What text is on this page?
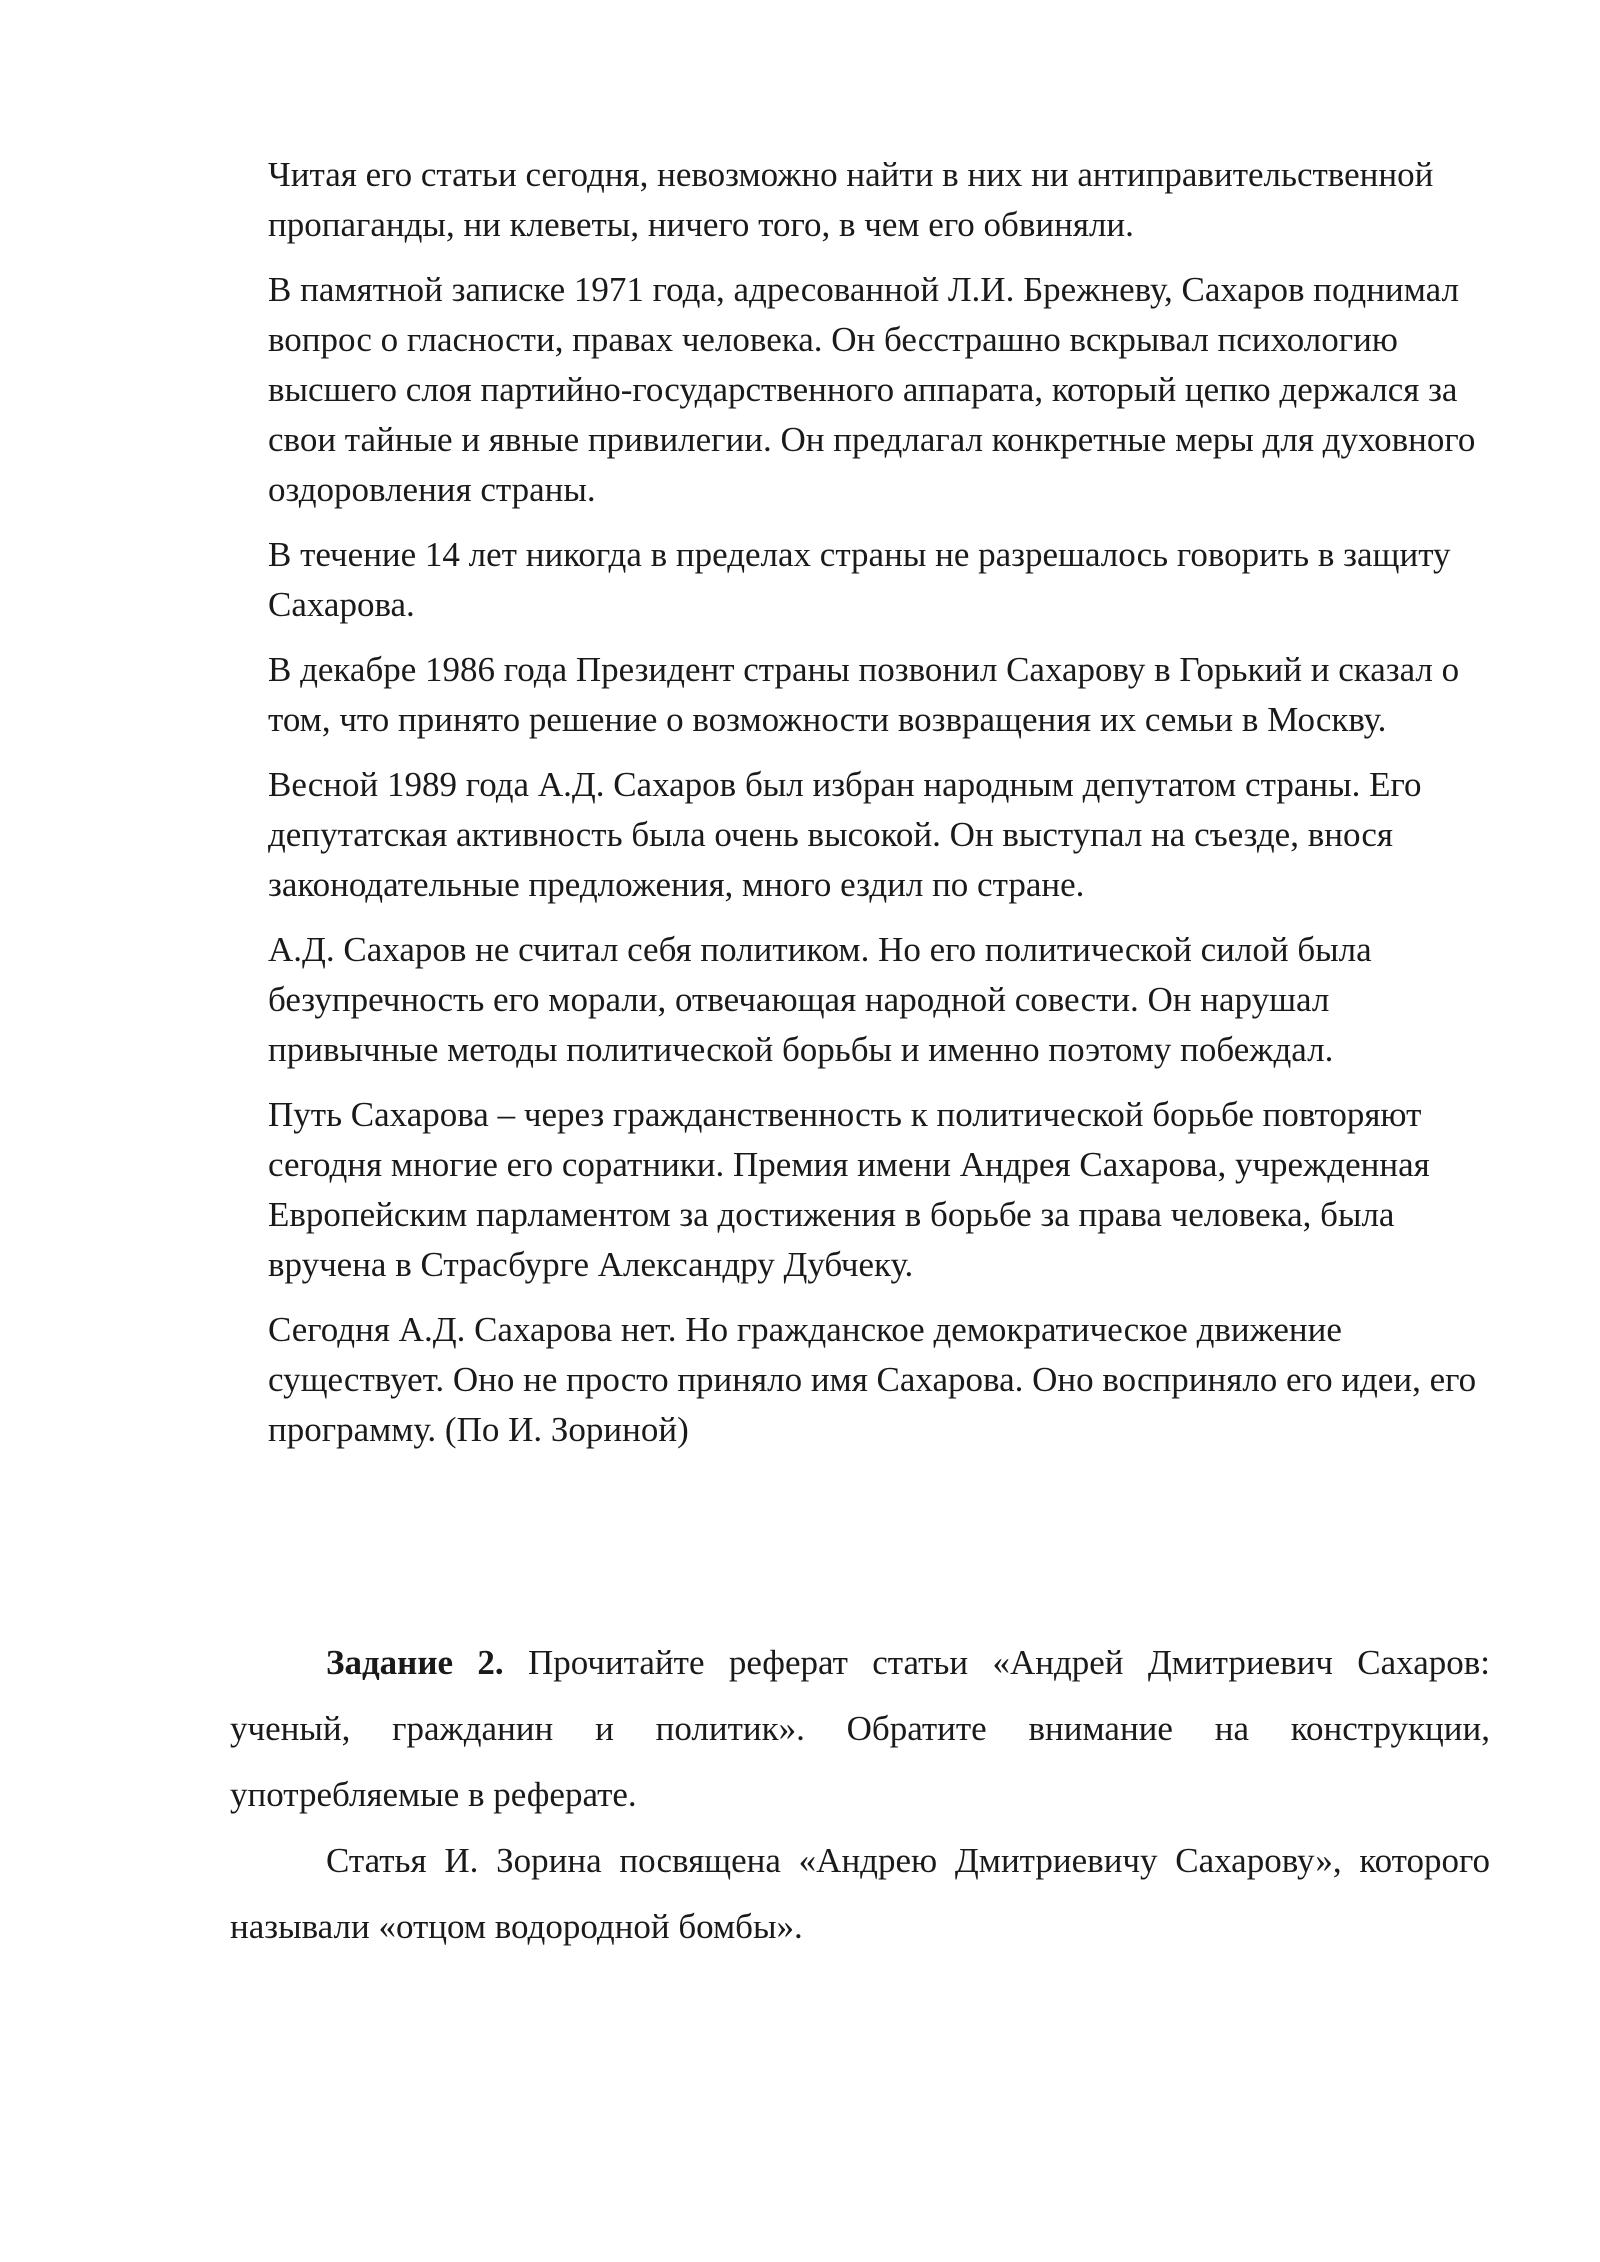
Читая его статьи сегодня, невозможно найти в них ни антиправительственной пропаганды, ни клеветы, ничего того, в чем его обвиняли.

В памятной записке 1971 года, адресованной Л.И. Брежневу, Сахаров поднимал вопрос о гласности, правах человека. Он бесстрашно вскрывал психологию высшего слоя партийно-государственного аппарата, который цепко держался за свои тайные и явные привилегии. Он предлагал конкретные меры для духовного оздоровления страны.

В течение 14 лет никогда в пределах страны не разрешалось говорить в защиту Сахарова.

В декабре 1986 года Президент страны позвонил Сахарову в Горький и сказал о том, что принято решение о возможности возвращения их семьи в Москву.

Весной 1989 года А.Д. Сахаров был избран народным депутатом страны. Его депутатская активность была очень высокой. Он выступал на съезде, внося законодательные предложения, много ездил по стране.

А.Д. Сахаров не считал себя политиком. Но его политической силой была безупречность его морали, отвечающая народной совести. Он нарушал привычные методы политической борьбы и именно поэтому побеждал.

Путь Сахарова – через гражданственность к политической борьбе повторяют сегодня многие его соратники. Премия имени Андрея Сахарова, учрежденная Европейским парламентом за достижения в борьбе за права человека, была вручена в Страсбурге Александру Дубчеку.

Сегодня А.Д. Сахарова нет. Но гражданское демократическое движение существует. Оно не просто приняло имя Сахарова. Оно восприняло его идеи, его программу. (По И. Зориной)

Задание 2. Прочитайте реферат статьи «Андрей Дмитриевич Сахаров: ученый, гражданин и политик». Обратите внимание на конструкции, употребляемые в реферате.

Статья И. Зорина посвящена «Андрею Дмитриевичу Сахарову», которого называли «отцом водородной бомбы».
